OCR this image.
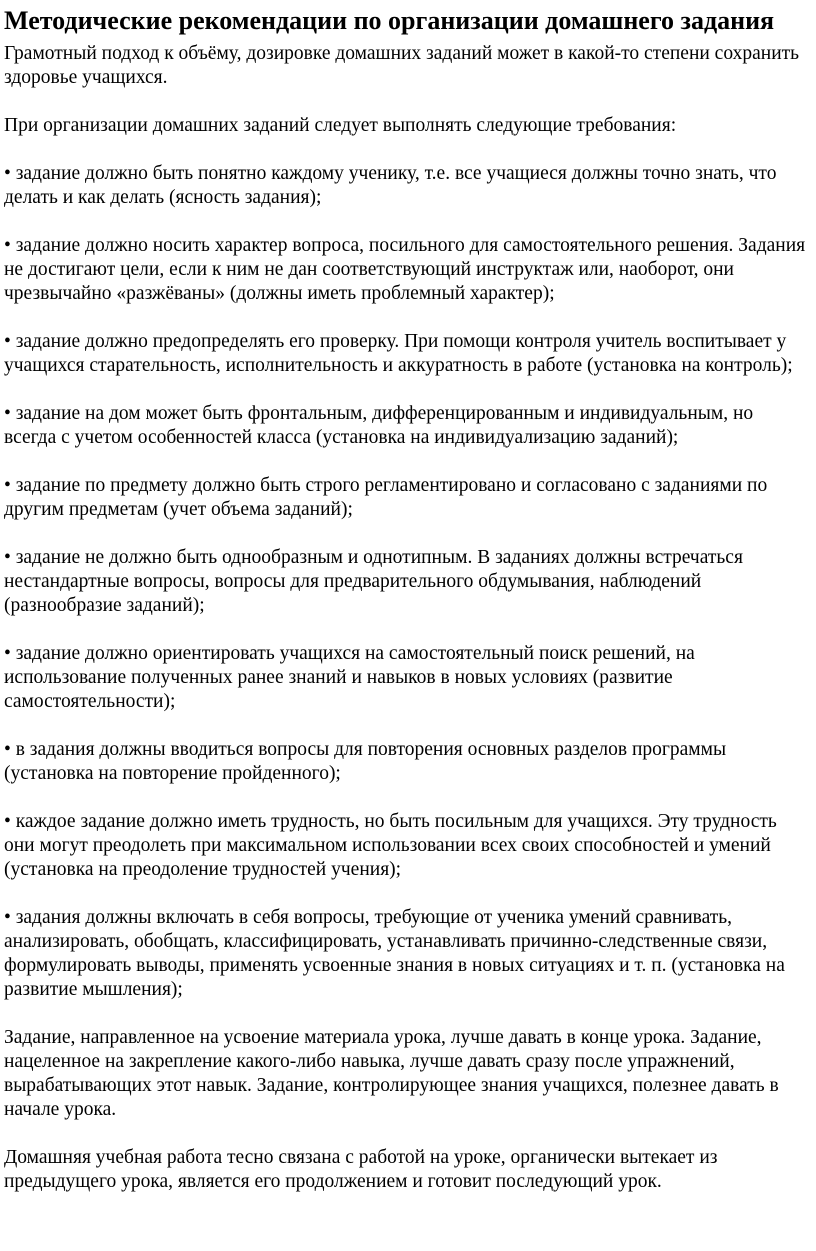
Методические рекомендации по организации домашнего задания

Грамотный подход к объёму, дозировке домашних заданий может в какой-то степени сохранить здоровье учащихся.

При организации домашних заданий следует выполнять следующие требования:

• задание должно быть понятно каждому ученику, т.е. все учащиеся должны точно знать, что делать и как делать (ясность задания);

• задание должно носить характер вопроса, посильного для самостоятельного решения. Задания не достигают цели, если к ним не дан соответствующий инструктаж или, наоборот, они чрезвычайно «разжёваны» (должны иметь проблемный характер);

• задание должно предопределять его проверку. При помощи контроля учитель воспитывает у учащихся старательность, исполнительность и аккуратность в работе (установка на контроль);

• задание на дом может быть фронтальным, дифференцированным и индивидуальным, но всегда с учетом особенностей класса (установка на индивидуализацию заданий);

• задание по предмету должно быть строго регламентировано и согласовано с заданиями по другим предметам (учет объема заданий);

• задание не должно быть однообразным и однотипным. В заданиях должны встречаться нестандартные вопросы, вопросы для предварительного обдумывания, наблюдений (разнообразие заданий);

• задание должно ориентировать учащихся на самостоятельный поиск решений, на использование полученных ранее знаний и навыков в новых условиях (развитие самостоятельности);

• в задания должны вводиться вопросы для повторения основных разделов программы (установка на повторение пройденного);

• каждое задание должно иметь трудность, но быть посильным для учащихся. Эту трудность они могут преодолеть при максимальном использовании всех своих способностей и умений (установка на преодоление трудностей учения);

• задания должны включать в себя вопросы, требующие от ученика умений сравнивать, анализировать, обобщать, классифицировать, устанавливать причинно-следственные связи, формулировать выводы, применять усвоенные знания в новых ситуациях и т. п. (установка на развитие мышления);

Задание, направленное на усвоение материала урока, лучше давать в конце урока. Задание, нацеленное на закрепление какого-либо навыка, лучше давать сразу после упражнений, вырабатывающих этот навык. Задание, контролирующее знания учащихся, полезнее давать в начале урока.

Домашняя учебная работа тесно связана с работой на уроке, органически вытекает из предыдущего урока, является его продолжением и готовит последующий урок.
